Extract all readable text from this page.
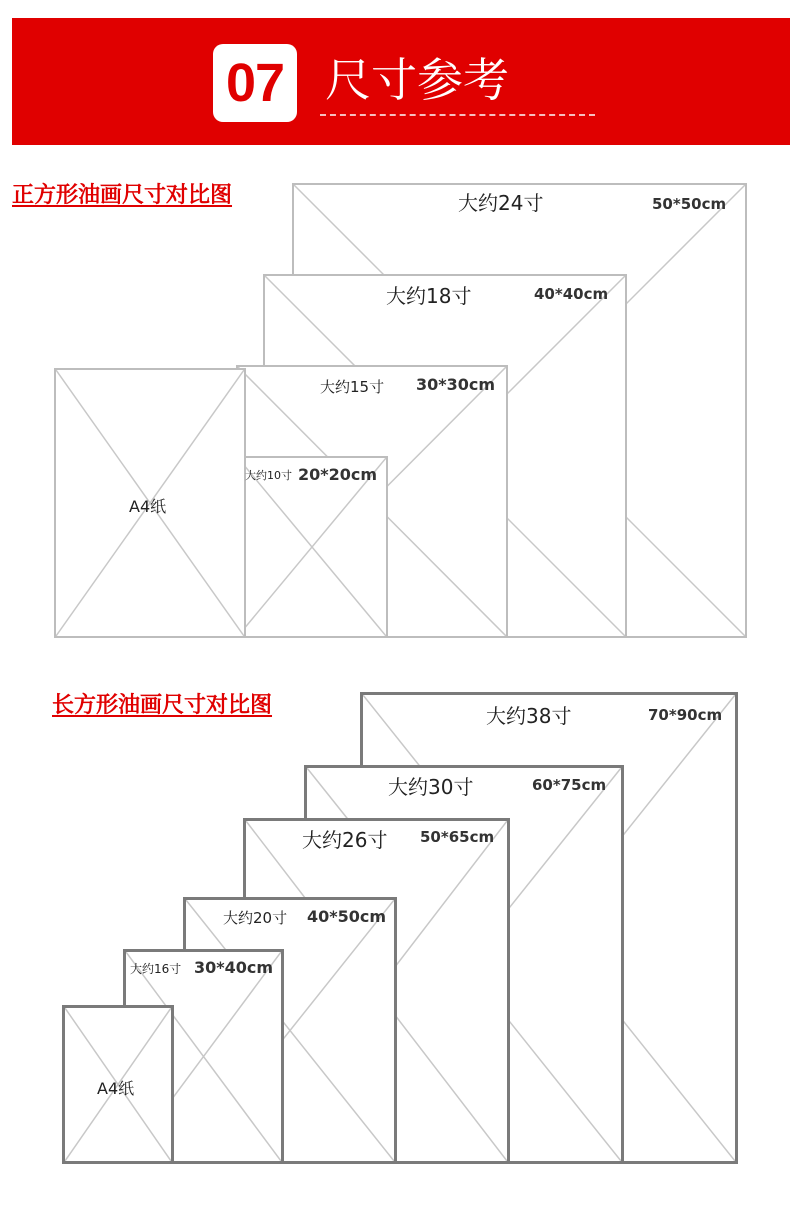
07 尺寸参考
正方形油画尺寸对比图	大约24寸	50*50cm
大约18寸	40*40cm
大约15寸 30*30cm
大约10寸 20*20cm
A4纸
长方形油画尺寸对比图	大约38寸	70*90cm
大约30寸	60*75cm
大约26寸 50*65cm
大约20寸 40*50cm
大约16寸 30*40cm
A4纸
